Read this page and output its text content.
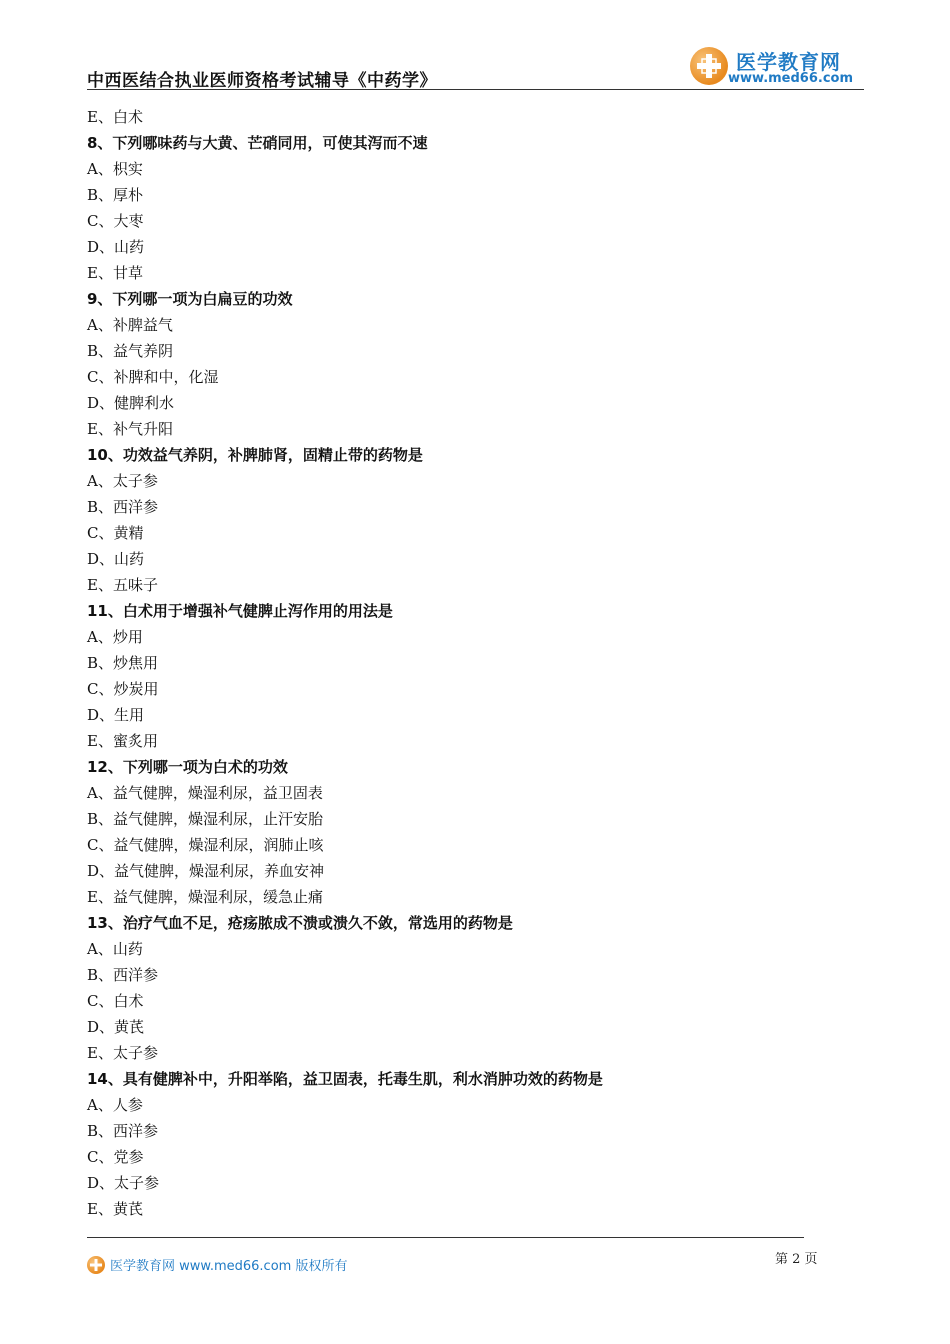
中西医结合执业医师资格考试辅导《中药学》
医学教育网
www.med66.com
E、白术
8、下列哪味药与大黄、芒硝同用，可使其泻而不速
A、枳实
B、厚朴
C、大枣
D、山药
E、甘草
9、下列哪一项为白扁豆的功效
A、补脾益气
B、益气养阴
C、补脾和中，化湿
D、健脾利水
E、补气升阳
10、功效益气养阴，补脾肺肾，固精止带的药物是
A、太子参
B、西洋参
C、黄精
D、山药
E、五味子
11、白术用于增强补气健脾止泻作用的用法是
A、炒用
B、炒焦用
C、炒炭用
D、生用
E、蜜炙用
12、下列哪一项为白术的功效
A、益气健脾，燥湿利尿，益卫固表
B、益气健脾，燥湿利尿，止汗安胎
C、益气健脾，燥湿利尿，润肺止咳
D、益气健脾，燥湿利尿，养血安神
E、益气健脾，燥湿利尿，缓急止痛
13、治疗气血不足，疮疡脓成不溃或溃久不敛，常选用的药物是
A、山药
B、西洋参
C、白术
D、黄芪
E、太子参
14、具有健脾补中，升阳举陷，益卫固表，托毒生肌，利水消肿功效的药物是
A、人参
B、西洋参
C、党参
D、太子参
E、黄芪
医学教育网 www.med66.com 版权所有	第 2 页
